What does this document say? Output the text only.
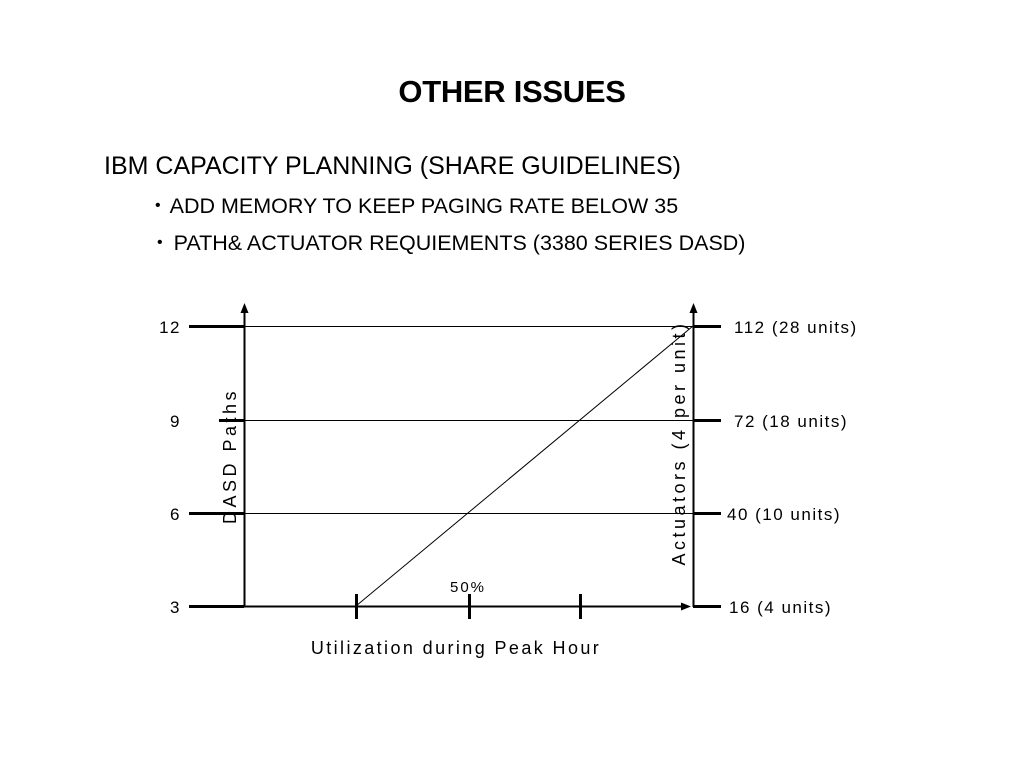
OTHER ISSUES
IBM CAPACITY PLANNING (SHARE GUIDELINES)
• ADD MEMORY TO KEEP PAGING RATE BELOW 35
• PATH& ACTUATOR REQUIEMENTS (3380 SERIES DASD)
12
9
6
3
112 (28 units)
72 (18 units)
40 (10 units)
16 (4 units)
DASD Paths	Actuators (4 per unit)
Utilization during Peak Hour
50%
